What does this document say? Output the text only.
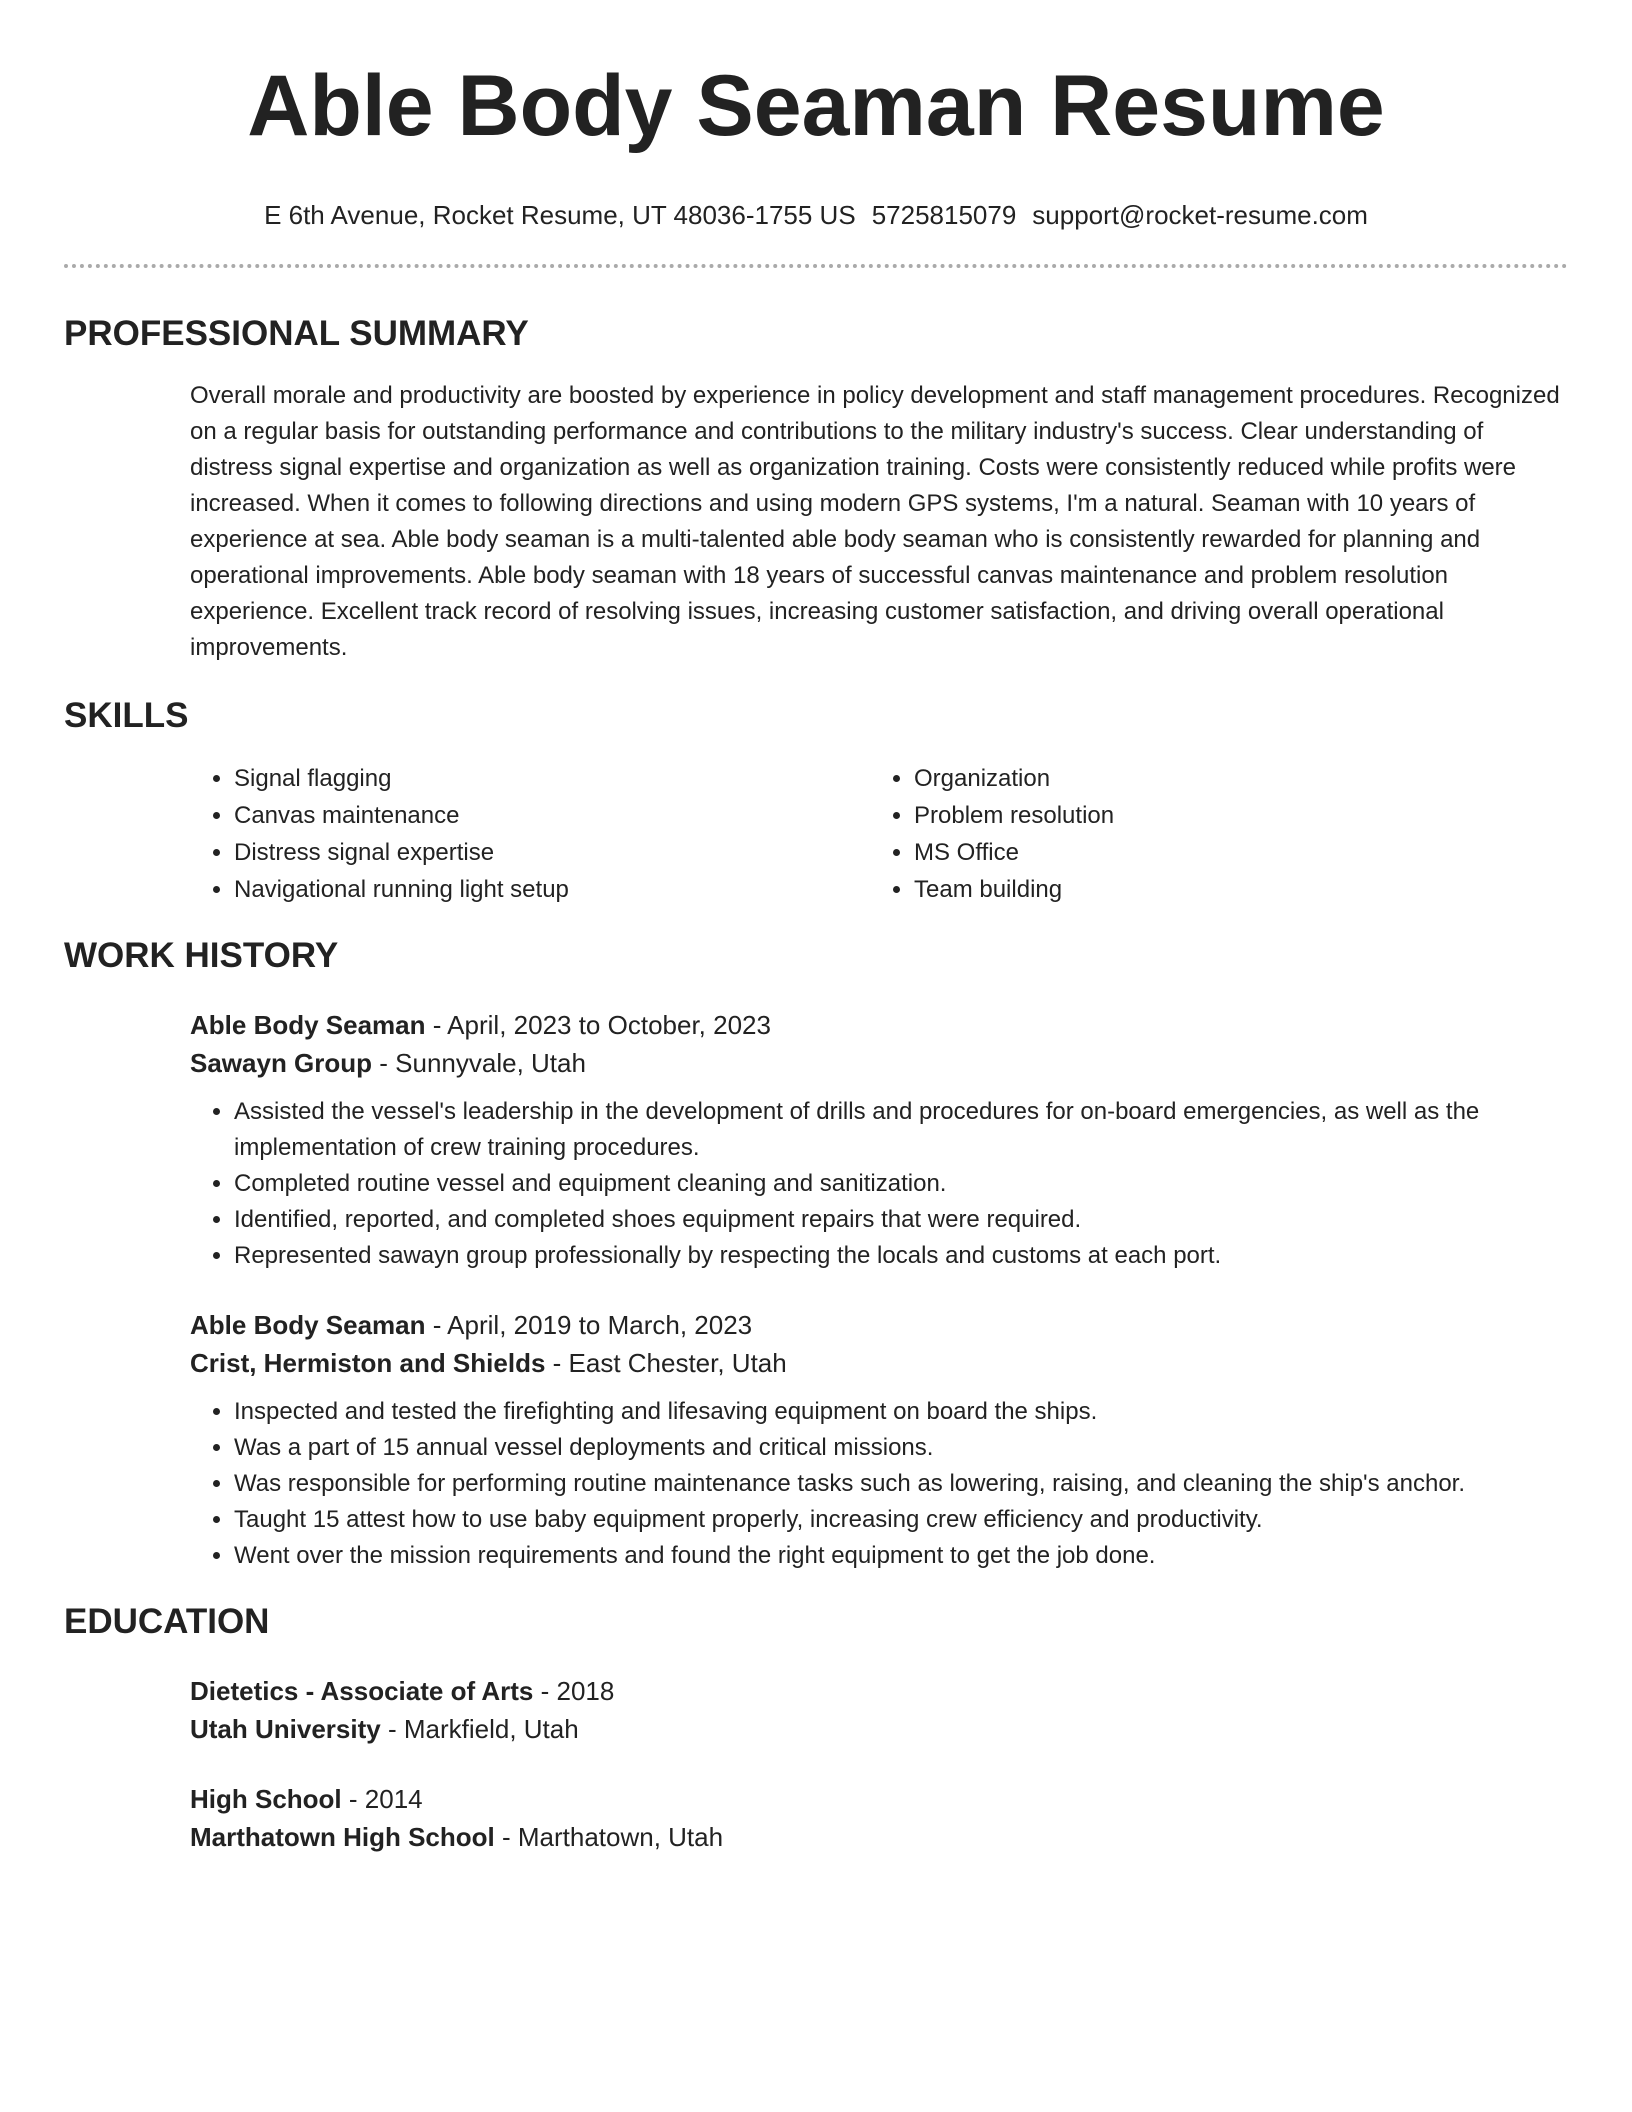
Able Body Seaman Resume
E 6th Avenue, Rocket Resume, UT 48036-1755 US 5725815079 support@rocket-resume.com
PROFESSIONAL SUMMARY

Overall morale and productivity are boosted by experience in policy development and staff management procedures. Recognized on a regular basis for outstanding performance and contributions to the military industry's success. Clear understanding of distress signal expertise and organization as well as organization training. Costs were consistently reduced while profits were increased. When it comes to following directions and using modern GPS systems, I'm a natural. Seaman with 10 years of experience at sea. Able body seaman is a multi-talented able body seaman who is consistently rewarded for planning and operational improvements. Able body seaman with 18 years of successful canvas maintenance and problem resolution experience. Excellent track record of resolving issues, increasing customer satisfaction, and driving overall operational improvements.

SKILLS
• Signal flagging
• Canvas maintenance
• Distress signal expertise
• Navigational running light setup
• Organization
• Problem resolution
• MS Office
• Team building
WORK HISTORY
Able Body Seaman - April, 2023 to October, 2023
Sawayn Group - Sunnyvale, Utah
• Assisted the vessel's leadership in the development of drills and procedures for on-board emergencies, as well as the implementation of crew training procedures.
• Completed routine vessel and equipment cleaning and sanitization.
• Identified, reported, and completed shoes equipment repairs that were required.
• Represented sawayn group professionally by respecting the locals and customs at each port.
Able Body Seaman - April, 2019 to March, 2023
Crist, Hermiston and Shields - East Chester, Utah
• Inspected and tested the firefighting and lifesaving equipment on board the ships.
• Was a part of 15 annual vessel deployments and critical missions.
• Was responsible for performing routine maintenance tasks such as lowering, raising, and cleaning the ship's anchor.
• Taught 15 attest how to use baby equipment properly, increasing crew efficiency and productivity.
• Went over the mission requirements and found the right equipment to get the job done.
EDUCATION
Dietetics - Associate of Arts - 2018
Utah University - Markfield, Utah
High School - 2014
Marthatown High School - Marthatown, Utah
